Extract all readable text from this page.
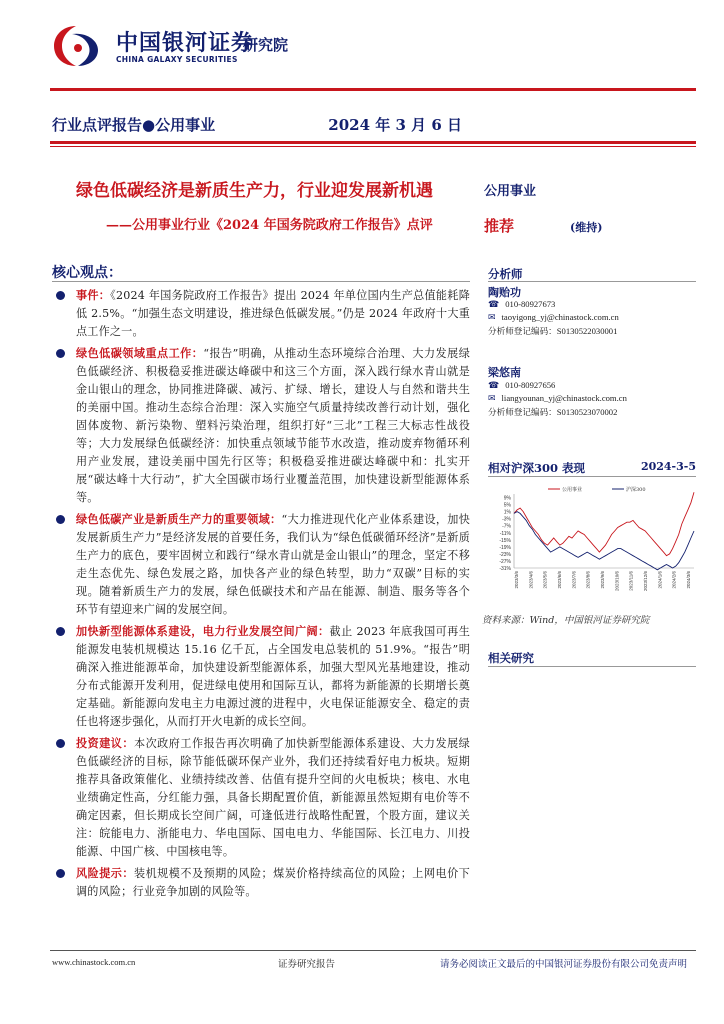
中国银河证券
CHINA GALAXY SECURITIES
研究院
行业点评报告●公用事业	2024 年 3 月 6 日
绿色低碳经济是新质生产力，行业迎发展新机遇
——公用事业行业《2024 年国务院政府工作报告》点评
公用事业
推荐	(维持)
核心观点：
事件：《2024 年国务院政府工作报告》提出 2024 年单位国内生产总值能耗降低 2.5%。“加强生态文明建设，推进绿色低碳发展。”仍是 2024 年政府十大重点工作之一。
绿色低碳领域重点工作：“报告”明确，从推动生态环境综合治理、大力发展绿色低碳经济、积极稳妥推进碳达峰碳中和这三个方面，深入践行绿水青山就是金山银山的理念，协同推进降碳、减污、扩绿、增长，建设人与自然和谐共生的美丽中国。推动生态综合治理：深入实施空气质量持续改善行动计划，强化固体废物、新污染物、塑料污染治理，组织打好“三北”工程三大标志性战役等；大力发展绿色低碳经济：加快重点领域节能节水改造，推动废弃物循环利用产业发展，建设美丽中国先行区等；积极稳妥推进碳达峰碳中和：扎实开展“碳达峰十大行动”，扩大全国碳市场行业覆盖范围，加快建设新型能源体系等。
绿色低碳产业是新质生产力的重要领域：“大力推进现代化产业体系建设，加快发展新质生产力”是经济发展的首要任务，我们认为“绿色低碳循环经济”是新质生产力的底色，要牢固树立和践行“绿水青山就是金山银山”的理念，坚定不移走生态优先、绿色发展之路，加快各产业的绿色转型，助力“双碳”目标的实现。随着新质生产力的发展，绿色低碳技术和产品在能源、制造、服务等各个环节有望迎来广阔的发展空间。
加快新型能源体系建设，电力行业发展空间广阔：截止 2023 年底我国可再生能源发电装机规模达 15.16 亿千瓦，占全国发电总装机的 51.9%。“报告”明确深入推进能源革命，加快建设新型能源体系，加强大型风光基地建设，推动分布式能源开发利用，促进绿电使用和国际互认，都将为新能源的长期增长奠定基础。新能源向发电主力电源过渡的进程中，火电保证能源安全、稳定的责任也将逐步强化，从而打开火电新的成长空间。
投资建议：本次政府工作报告再次明确了加快新型能源体系建设、大力发展绿色低碳经济的目标，除节能低碳环保产业外，我们还持续看好电力板块。短期推荐具备政策催化、业绩持续改善、估值有提升空间的火电板块；核电、水电业绩确定性高，分红能力强，具备长期配置价值，新能源虽然短期有电价等不确定因素，但长期成长空间广阔，可逢低进行战略性配置，个股方面，建议关注：皖能电力、浙能电力、华电国际、国电电力、华能国际、长江电力、川投能源、中国广核、中国核电等。
风险提示：装机规模不及预期的风险；煤炭价格持续高位的风险；上网电价下调的风险；行业竞争加剧的风险等。
分析师
陶贻功
☎ 010-80927673
✉ taoyigong_yj@chinastock.com.cn
分析师登记编码：S0130522030001
梁悠南
☎ 010-80927656
✉ liangyounan_yj@chinastock.com.cn
分析师登记编码：S0130523070002
相对沪深300 表现	2024-3-5
9%
5%
1%
-3%
-7%
-11%
-15%
-19%
-23%
-27%
-31%
2023/3/6 2023/4/6 2023/5/6 2023/6/6 2023/7/6 2023/8/6 2023/9/6 2023/10/6 2023/11/6 2023/12/6 2024/1/6 2024/2/6 2024/3/6
公用事业	沪深300
资料来源：Wind，中国银河证券研究院
相关研究
www.chinastock.com.cn	证券研究报告	请务必阅读正文最后的中国银河证券股份有限公司免责声明
